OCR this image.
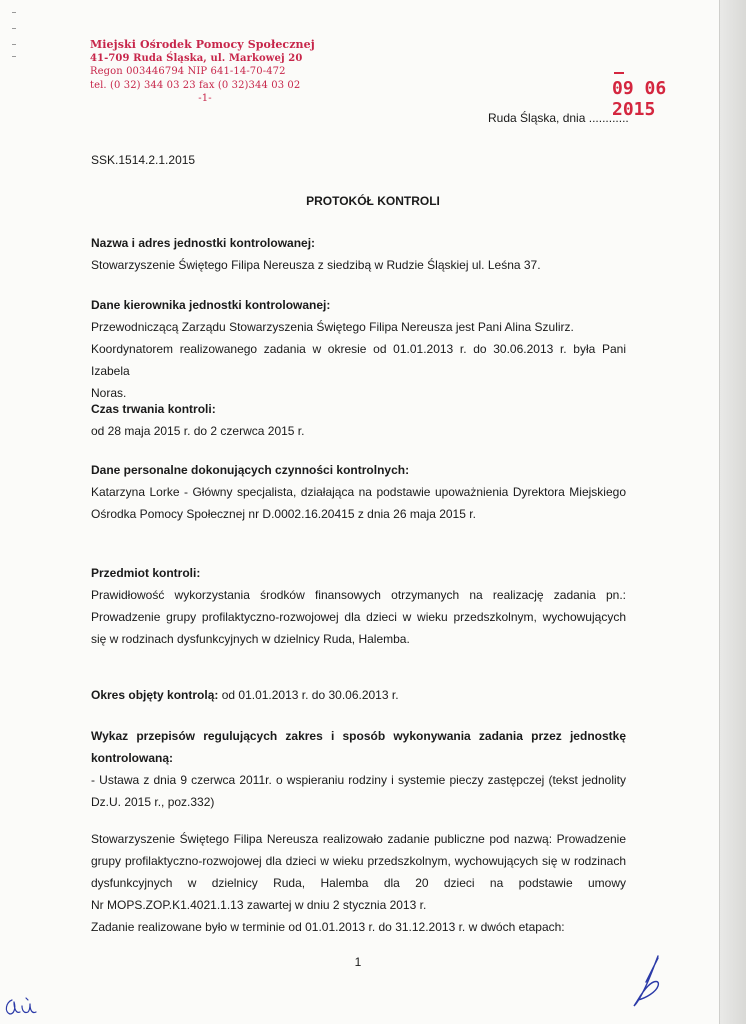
Miejski Ośrodek Pomocy Społecznej
41-709 Ruda Śląska, ul. Markowej 20
Regon 003446794 NIP 641-14-70-472
tel. (0 32) 344 03 23 fax (0 32)344 03 02
-1-	09 06 2015
Ruda Śląska, dnia ............
SSK.1514.2.1.2015
PROTOKÓŁ KONTROLI

Nazwa i adres jednostki kontrolowanej:

Stowarzyszenie Świętego Filipa Nereusza z siedzibą w Rudzie Śląskiej ul. Leśna 37.

Dane kierownika jednostki kontrolowanej:

Przewodniczącą Zarządu Stowarzyszenia Świętego Filipa Nereusza jest Pani Alina Szulirz.

Koordynatorem realizowanego zadania w okresie od 01.01.2013 r. do 30.06.2013 r. była Pani Izabela

Noras.

Czas trwania kontroli:

od 28 maja 2015 r. do 2 czerwca 2015 r.

Dane personalne dokonujących czynności kontrolnych:

Katarzyna Lorke - Główny specjalista, działająca na podstawie upoważnienia Dyrektora Miejskiego

Ośrodka Pomocy Społecznej nr D.0002.16.20415 z dnia 26 maja 2015 r.

Przedmiot kontroli:

Prawidłowość wykorzystania środków finansowych otrzymanych na realizację zadania pn.:

Prowadzenie grupy profilaktyczno-rozwojowej dla dzieci w wieku przedszkolnym, wychowujących

się w rodzinach dysfunkcyjnych w dzielnicy Ruda, Halemba.

Okres objęty kontrolą: od 01.01.2013 r. do 30.06.2013 r.

Wykaz przepisów regulujących zakres i sposób wykonywania zadania przez jednostkę

kontrolowaną:

- Ustawa z dnia 9 czerwca 2011r. o wspieraniu rodziny i systemie pieczy zastępczej (tekst jednolity

Dz.U. 2015 r., poz.332)

Stowarzyszenie Świętego Filipa Nereusza realizowało zadanie publiczne pod nazwą: Prowadzenie

grupy profilaktyczno-rozwojowej dla dzieci w wieku przedszkolnym, wychowujących się w rodzinach

dysfunkcyjnych w dzielnicy Ruda, Halemba dla 20 dzieci na podstawie umowy

Nr MOPS.ZOP.K1.4021.1.13 zawartej w dniu 2 stycznia 2013 r.

Zadanie realizowane było w terminie od 01.01.2013 r. do 31.12.2013 r. w dwóch etapach:

1
